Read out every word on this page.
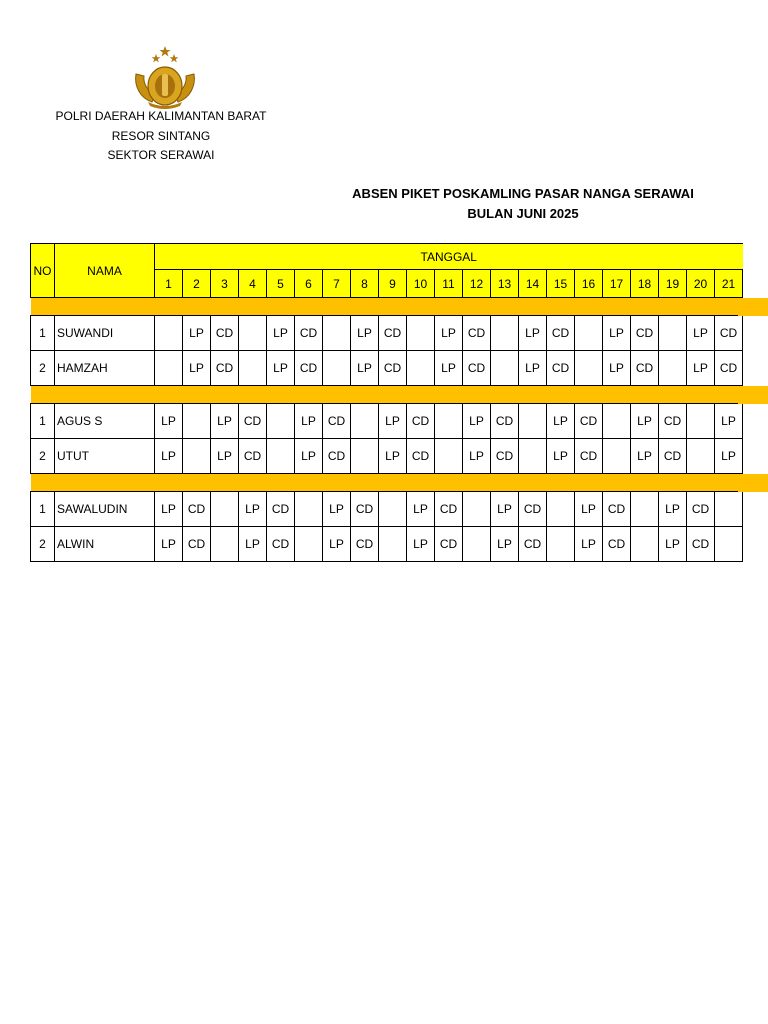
POLRI DAERAH KALIMANTAN BARAT
RESOR SINTANG
SEKTOR SERAWAI
ABSEN PIKET POSKAMLING PASAR NANGA SERAWAI
BULAN JUNI 2025
NO	NAMA	TANGGAL																				
		1	2	3	4	5	6	7	8	9	10	11	12	13	14	15	16	17	18	19	20	21

1	SUWANDI		LP	CD		LP	CD		LP	CD		LP	CD		LP	CD		LP	CD		LP	CD
2	HAMZAH		LP	CD		LP	CD		LP	CD		LP	CD		LP	CD		LP	CD		LP	CD

1	AGUS S	LP		LP	CD		LP	CD		LP	CD		LP	CD		LP	CD		LP	CD		LP
2	UTUT	LP		LP	CD		LP	CD		LP	CD		LP	CD		LP	CD		LP	CD		LP

1	SAWALUDIN	LP	CD		LP	CD		LP	CD		LP	CD		LP	CD		LP	CD		LP	CD	
2	ALWIN	LP	CD		LP	CD		LP	CD		LP	CD		LP	CD		LP	CD		LP	CD	
